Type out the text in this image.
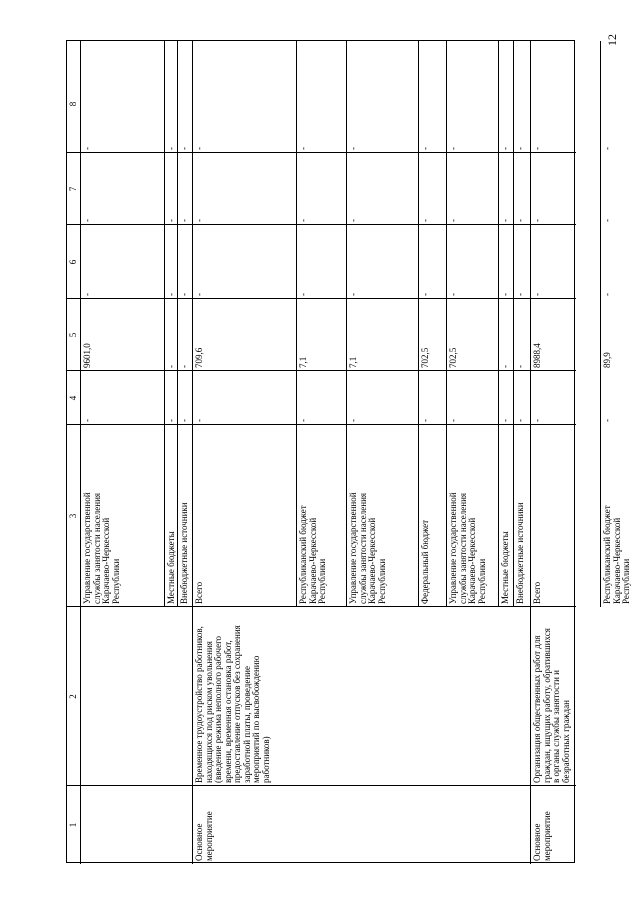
12
1
2
3
4
5
6
7
8
Основное
мероприятие
Временное трудоустройство работников,
находящихся под риском увольнения
(введение режима неполного рабочего
времени, временная остановка работ,
предоставление отпусков без сохранения
заработной платы, проведение
мероприятий по высвобождению
работников)
Основное
мероприятие
Организация общественных работ для
граждан, ищущих работу, обратившихся
в органы службы занятости и
безработных граждан
Управление государственной
службы занятости населения
Карачаево-Черкесской
Республики
-
9601,0
-
-
-
Местные бюджеты
-
-
-
-
-
Внебюджетные источники
-
-
-
-
-
Всего
-
709,6
-
-
-
Республиканский бюджет
Карачаево-Черкесской
Республики
-
7,1
-
-
-
Управление государственной
службы занятости населения
Карачаево-Черкесской
Республики
-
7,1
-
-
-
Федеральный бюджет
-
702,5
-
-
-
Управление государственной
службы занятости населения
Карачаево-Черкесской
Республики
-
702,5
-
-
-
Местные бюджеты
-
-
-
-
-
Внебюджетные источники
-
-
-
-
-
Всего
-
8988,4
-
-
-
Республиканский бюджет
Карачаево-Черкесской
Республики
-
89,9
-
-
-
